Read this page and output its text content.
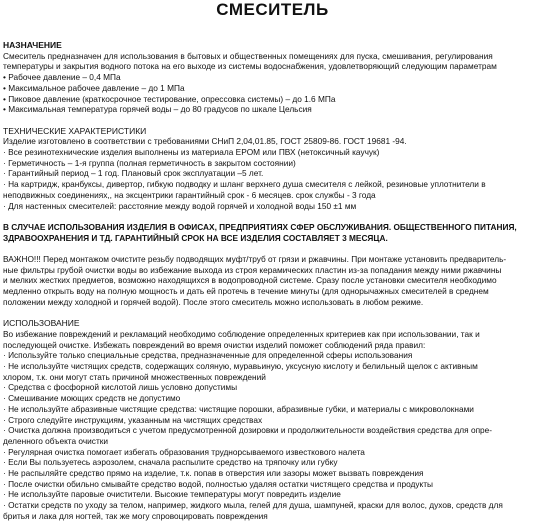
СМЕСИТЕЛЬ
НАЗНАЧЕНИЕ

Смеситель предназначен для использования в бытовых и общественных помещениях для пуска, смешивания, регулирования

температуры и закрытия водного потока на его выходе из системы водоснабжения, удовлетворяющий следующим параметрам

• Рабочее давление – 0,4 МПа

• Максимальное рабочее давление – до 1 МПа

• Пиковое давление (краткосрочное тестирование, опрессовка системы) – до 1.6 МПа

• Максимальная температура горячей воды – до 80 градусов по шкале Цельсия

ТЕХНИЧЕСКИЕ ХАРАКТЕРИСТИКИ

Изделие изготовлено в соответствии с требованиями СНиП 2,04,01.85, ГОСТ 25809-86. ГОСТ 19681 -94.

· Все резинотехнические изделия выполнены из материала EPOM или ПВХ (нетоксичный каучук)

· Герметичность – 1-я группа (полная герметичность в закрытом состоянии)

· Гарантийный период – 1 год. Плановый срок эксплуатации –5 лет.

· На картридж, кранбуксы, дивертор, гибкую подводку и шланг верхнего душа смесителя с лейкой, резиновые уплотнители в

неподвижных соединениях,, на эксцентрики гарантийный срок - 6 месяцев. срок службы - 3 года

· Для настенных смесителей: расстояние между водой горячей и холодной воды 150 ±1 мм

В СЛУЧАЕ ИСПОЛЬЗОВАНИЯ ИЗДЕЛИЯ В ОФИСАХ, ПРЕДПРИЯТИЯХ СФЕР ОБСЛУЖИВАНИЯ. ОБЩЕСТВЕННОГО ПИТАНИЯ,

ЗДРАВООХРАНЕНИЯ И ТД. ГАРАНТИЙНЫЙ СРОК НА ВСЕ ИЗДЕЛИЯ СОСТАВЛЯЕТ 3 МЕСЯЦА.

ВАЖНО!!! Перед монтажом очистите резьбу подводящих муфт/труб от грязи и ржавчины. При монтаже установить предваритель-

ные фильтры грубой очистки воды во избежание выхода из строя керамических пластин из-за попадания между ними ржавчины

и мелких жестких предметов, возможно находящихся в водопроводной системе. Сразу после установки смесителя необходимо

медленно открыть воду на полную мощность и дать ей протечь в течение минуты (для однорычажных смесителей в среднем

положении между холодной и горячей водой). После этого смеситель можно использовать в любом режиме.

ИСПОЛЬЗОВАНИЕ

Во избежание повреждений и рекламаций необходимо соблюдение определенных критериев как при использовании, так и

последующей очистке. Избежать повреждений во время очистки изделий поможет соблюдений ряда правил:

· Используйте только специальные средства, предназначенные для определенной сферы использования

· Не используйте чистящих средств, содержащих соляную, муравьиную, уксусную кислоту и белильный щелок с активным

хлором, т.к. они могут стать причиной множественных повреждений

· Средства с фосфорной кислотой лишь условно допустимы

· Смешивание моющих средств не допустимо

· Не используйте абразивные чистящие средства: чистящие порошки, абразивные губки, и материалы с микроволокнами

· Строго следуйте инструкциям, указанным на чистящих средствах

· Очистка должна производиться с учетом предусмотренной дозировки и продолжительности воздействия средства для опре-

деленного объекта очистки

· Регулярная очистка помогает избегать образования труднорсываемого известкового налета

· Если Вы пользуетесь аэрозолем, сначала распылите средство на тряпочку или губку

· Не распыляйте средство прямо на изделие, т.к. попав в отверстия или зазоры может вызвать повреждения

· После очистки обильно смывайте средство водой, полностью удаляя остатки чистящего средства и продукты

· Не используйте паровые очистители. Высокие температуры могут повредить изделие

· Остатки средств по уходу за телом, например, жидкого мыла, гелей для душа, шампуней, краски для волос, духов, средств для

бритья и лака для ногтей, так же могу спровоцировать повреждения
